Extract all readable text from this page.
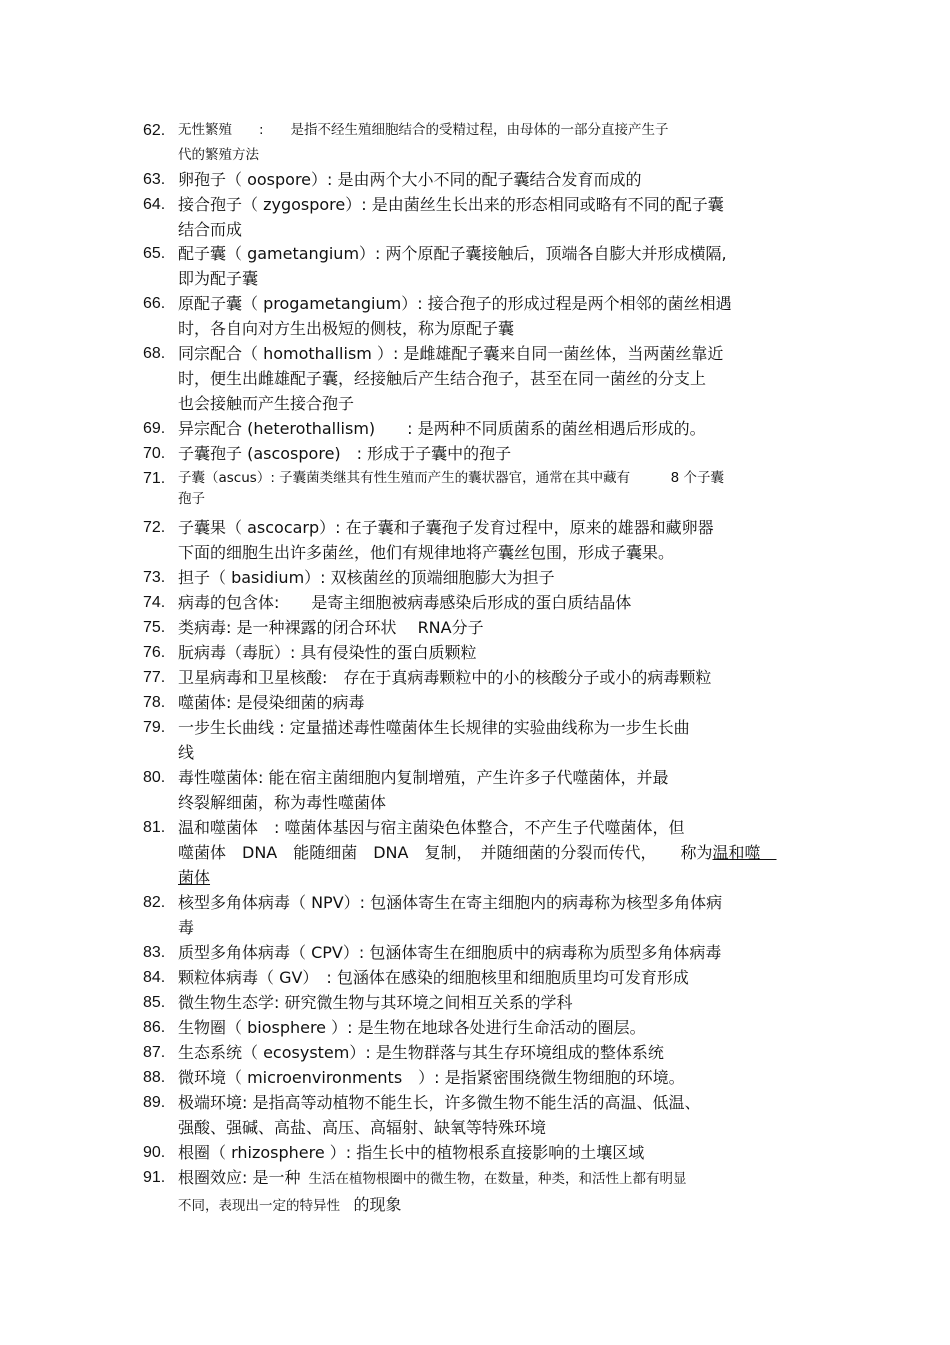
62. 无性繁殖　　:　　是指不经生殖细胞结合的受精过程，由母体的一部分直接产生子
代的繁殖方法
63. 卵孢子（ oospore）: 是由两个大小不同的配子囊结合发育而成的
64. 接合孢子（ zygospore）: 是由菌丝生长出来的形态相同或略有不同的配子囊
结合而成
65. 配子囊（ gametangium）: 两个原配子囊接触后，顶端各自膨大并形成横隔,
即为配子囊
66. 原配子囊（ progametangium）: 接合孢子的形成过程是两个相邻的菌丝相遇
时，各自向对方生出极短的侧枝，称为原配子囊
68. 同宗配合（ homothallism ）: 是雌雄配子囊来自同一菌丝体，当两菌丝靠近
时，便生出雌雄配子囊，经接触后产生结合孢子，甚至在同一菌丝的分支上
也会接触而产生接合孢子
69. 异宗配合 (heterothallism)　　: 是两种不同质菌系的菌丝相遇后形成的。
70. 子囊孢子 (ascospore)　: 形成于子囊中的孢子
71. 子囊（ascus）: 子囊菌类继其有性生殖而产生的囊状器官，通常在其中藏有　　　8 个子囊
孢子
72. 子囊果（ ascocarp）: 在子囊和子囊孢子发育过程中，原来的雄器和藏卵器
下面的细胞生出许多菌丝，他们有规律地将产囊丝包围，形成子囊果。
73. 担子（ basidium）: 双核菌丝的顶端细胞膨大为担子
74. 病毒的包含体:　　是寄主细胞被病毒感染后形成的蛋白质结晶体
75. 类病毒: 是一种裸露的闭合环状　 RNA分子
76. 朊病毒（毒朊）: 具有侵染性的蛋白质颗粒
77. 卫星病毒和卫星核酸:　存在于真病毒颗粒中的小的核酸分子或小的病毒颗粒
78. 噬菌体: 是侵染细菌的病毒
79. 一步生长曲线 : 定量描述毒性噬菌体生长规律的实验曲线称为一步生长曲
线
80. 毒性噬菌体: 能在宿主菌细胞内复制增殖，产生许多子代噬菌体，并最
终裂解细菌，称为毒性噬菌体
81. 温和噬菌体　: 噬菌体基因与宿主菌染色体整合，不产生子代噬菌体，但
噬菌体　DNA　能随细菌　DNA　复制，　并随细菌的分裂而传代，　　称为温和噬　
菌体
82. 核型多角体病毒（ NPV）: 包涵体寄生在寄主细胞内的病毒称为核型多角体病
毒
83. 质型多角体病毒（ CPV）: 包涵体寄生在细胞质中的病毒称为质型多角体病毒
84. 颗粒体病毒（ GV）　: 包涵体在感染的细胞核里和细胞质里均可发育形成
85. 微生物生态学: 研究微生物与其环境之间相互关系的学科
86. 生物圈（ biosphere ）: 是生物在地球各处进行生命活动的圈层。
87. 生态系统（ ecosystem）: 是生物群落与其生存环境组成的整体系统
88. 微环境（ microenvironments　）: 是指紧密围绕微生物细胞的环境。
89. 极端环境: 是指高等动植物不能生长，许多微生物不能生活的高温、低温、
强酸、强碱、高盐、高压、高辐射、缺氧等特殊环境
90. 根圈（ rhizosphere ）: 指生长中的植物根系直接影响的土壤区域
91. 根圈效应: 是一种 生活在植物根圈中的微生物，在数量，种类，和活性上都有明显
不同，表现出一定的特异性　的现象
